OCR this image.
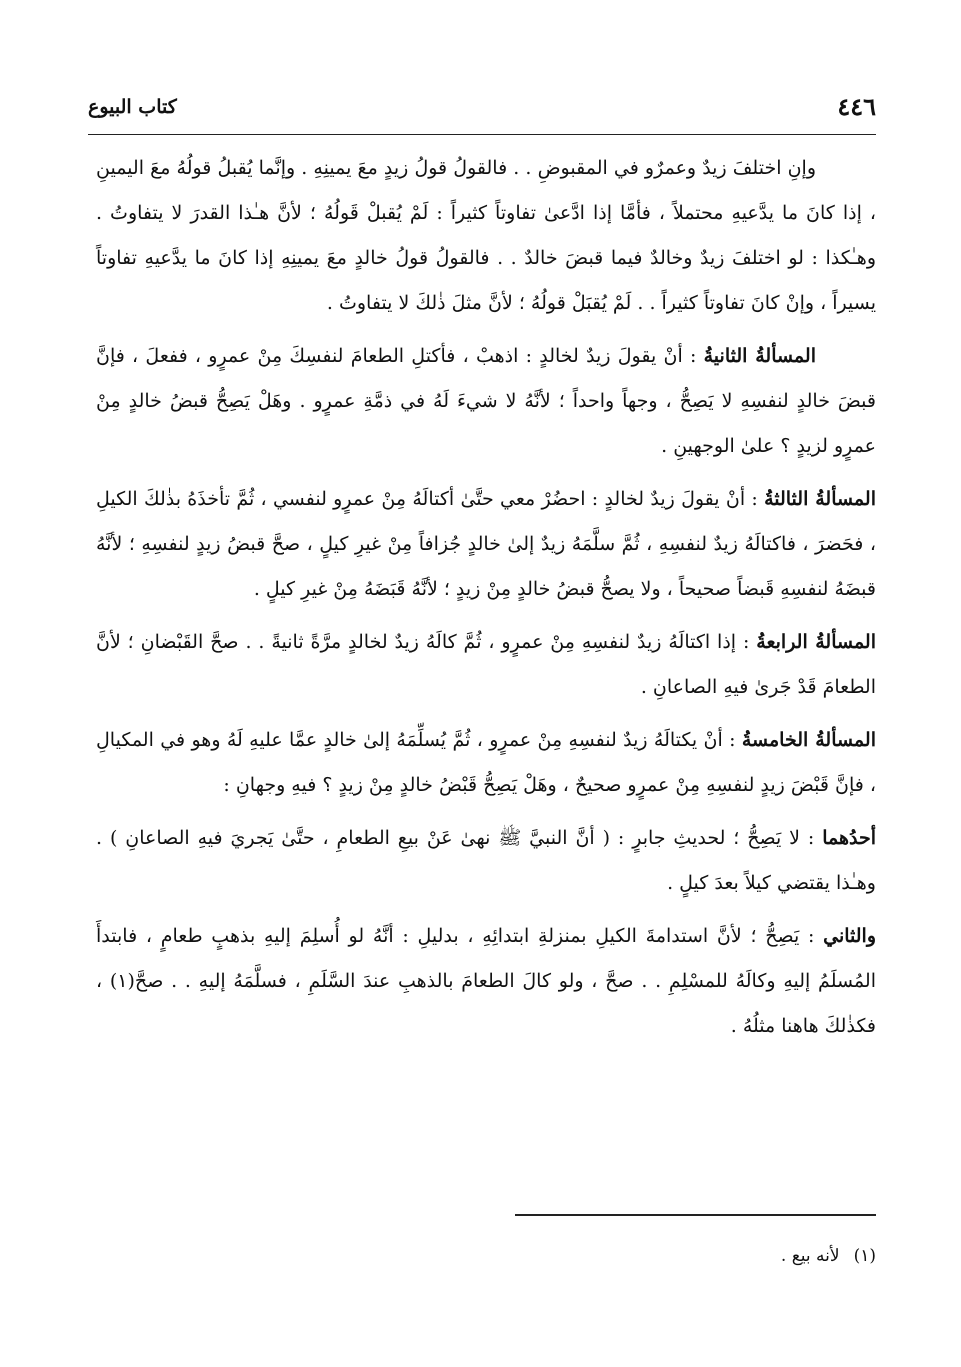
٤٤٦
كتاب البيوع

وإنِ اختلفَ زيدٌ وعمرٌو في المقبوضِ . . فالقولُ قولُ زيدٍ معَ يمينِهِ . وإنَّما يُقبلُ قولُهُ معَ اليمينِ ، إذا كانَ ما يدَّعيهِ محتملاً ، فأمَّا إذا ادَّعىٰ تفاوتاً كثيراً : لَمْ يُقبلْ قَولُهُ ؛ لأنَّ هـٰذا القدرَ لا يتفاوتُ . وهـٰكذا : لو اختلفَ زيدٌ وخالدٌ فيما قبضَ خالدٌ . . فالقولُ قولُ خالدٍ معَ يمينِهِ إذا كانَ ما يدَّعيهِ تفاوتاً يسيراً ، وإنْ كانَ تفاوتاً كثيراً . . لَمْ يُقبَلْ قولُهُ ؛ لأنَّ مثلَ ذٰلكَ لا يتفاوتُ .

المسألةُ الثانيةُ : أنْ يقولَ زيدٌ لخالدٍ : اذهبْ ، فأكتلِ الطعامَ لنفسِكَ مِنْ عمرٍو ، ففعلَ ، فإنَّ قبضَ خالدٍ لنفسِهِ لا يَصِحُّ ، وجهاً واحداً ؛ لأنَّهُ لا شيءَ لَهُ في ذمَّةِ عمرٍو . وهَلْ يَصِحُّ قبضُ خالدٍ مِنْ عمرٍو لزيدٍ ؟ علىٰ الوجهينِ .

المسألةُ الثالثةُ : أنْ يقولَ زيدٌ لخالدٍ : احضُرْ معي حتَّىٰ أكتالَهُ مِنْ عمرٍو لنفسي ، ثُمَّ تأخذَهُ بذٰلكَ الكيلِ ، فحَضرَ ، فاكتالَهُ زيدٌ لنفسِهِ ، ثُمَّ سلَّمَهُ زيدٌ إلىٰ خالدٍ جُزافاً مِنْ غيرِ كيلٍ ، صحَّ قبضُ زيدٍ لنفسِهِ ؛ لأنَّهُ قبضَهُ لنفسِهِ قَبضاً صحيحاً ، ولا يصحُّ قبضُ خالدٍ مِنْ زيدٍ ؛ لأنَّهُ قَبَضَهُ مِنْ غيرِ كيلٍ .

المسألةُ الرابعةُ : إذا اكتالَهُ زيدٌ لنفسِهِ مِنْ عمرٍو ، ثُمَّ كالَهُ زيدٌ لخالدٍ مرَّةً ثانيةً . . صحَّ القَبْضانِ ؛ لأنَّ الطعامَ قَدْ جَرىٰ فيهِ الصاعانِ .

المسألةُ الخامسةُ : أنْ يكتالَهُ زيدٌ لنفسِهِ مِنْ عمرٍو ، ثُمَّ يُسلِّمَهُ إلىٰ خالدٍ عمَّا عليهِ لَهُ وهو في المكيالِ ، فإنَّ قَبْضَ زيدٍ لنفسِهِ مِنْ عمرٍو صحيحٌ ، وهَلْ يَصِحُّ قَبْضُ خالدٍ مِنْ زيدٍ ؟ فيهِ وجهانِ :

أحدُهما : لا يَصِحُّ ؛ لحديثِ جابرٍ : ( أنَّ النبيَّ ﷺ نهىٰ عَنْ بيعِ الطعامِ ، حتَّىٰ يَجريَ فيهِ الصاعانِ ) . وهـٰذا يقتضي كيلاً بعدَ كيلٍ .

والثاني : يَصِحُّ ؛ لأنَّ استدامةَ الكيلِ بمنزلةِ ابتدائِهِ ، بدليلِ : أنَّهُ لو أُسلِمَ إليهِ بذهبٍ طعامٍ ، فابتدأَ المُسلَمُ إليهِ وكالَهُ للمسْلِمِ . . صحَّ ، ولو كالَ الطعامَ بالذهبِ عندَ السَّلَمِ ، فسلَّمَهُ إليهِ . . صحَّ(١) ، فكذٰلكَ هاهنا مثلُهُ .

(١)لأنه بيع .
